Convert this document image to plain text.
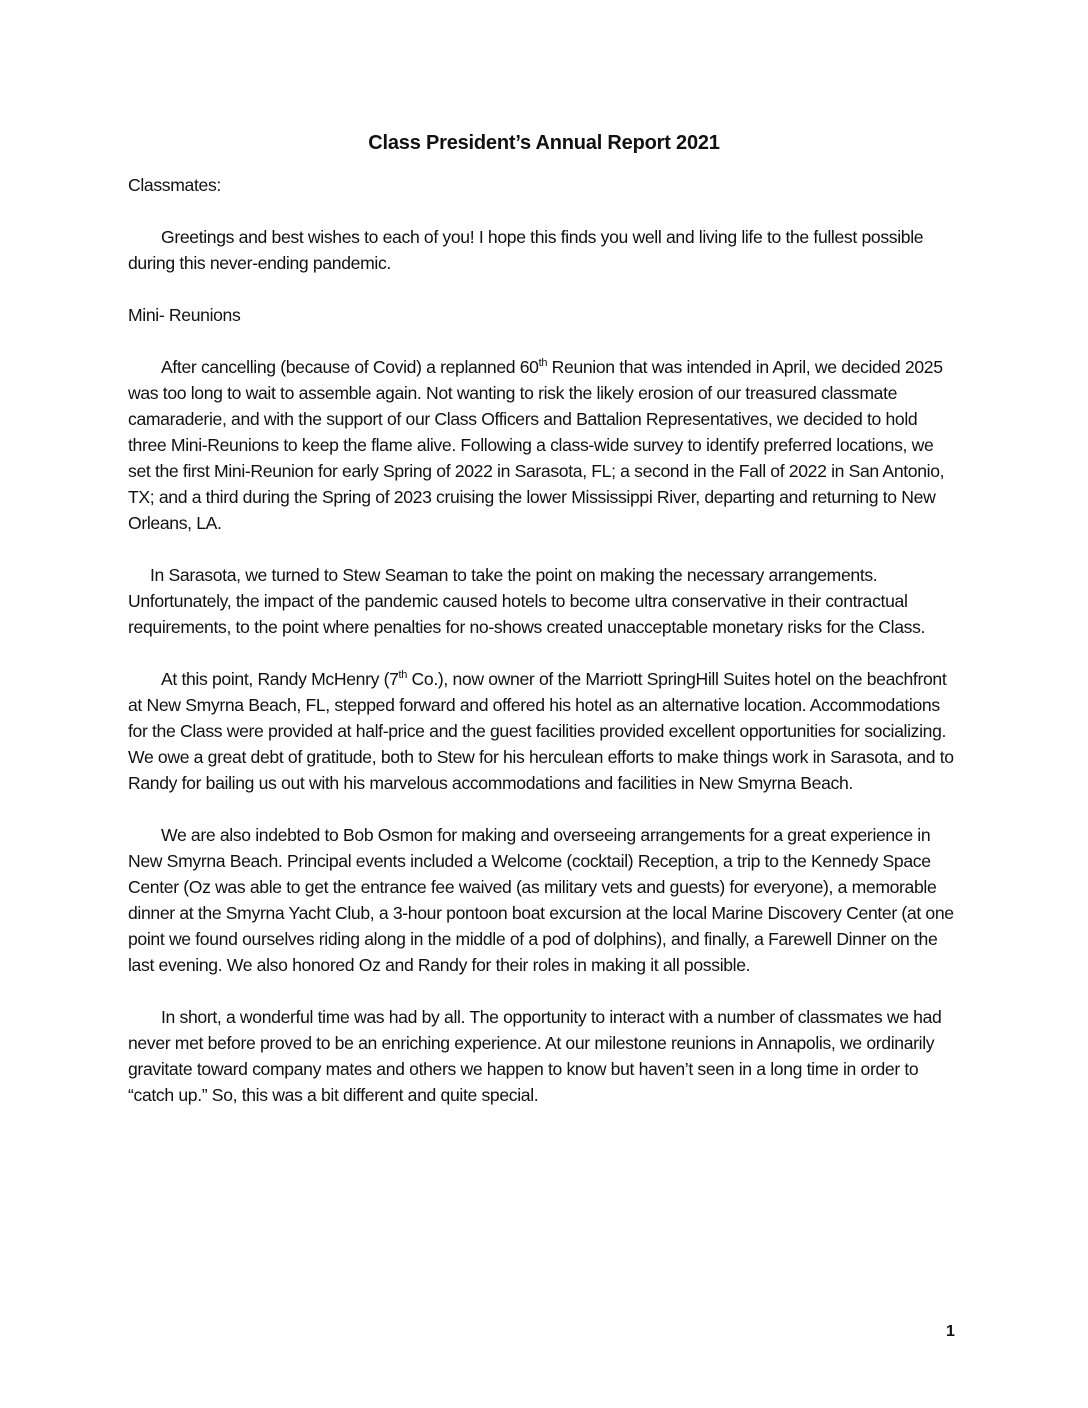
Class President’s Annual Report 2021

Classmates:

Greetings and best wishes to each of you! I hope this finds you well and living life to the fullest possible during this never-ending pandemic.

Mini- Reunions

After cancelling (because of Covid) a replanned 60th Reunion that was intended in April, we decided 2025 was too long to wait to assemble again. Not wanting to risk the likely erosion of our treasured classmate camaraderie, and with the support of our Class Officers and Battalion Representatives, we decided to hold three Mini-Reunions to keep the flame alive. Following a class-wide survey to identify preferred locations, we set the first Mini-Reunion for early Spring of 2022 in Sarasota, FL; a second in the Fall of 2022 in San Antonio, TX; and a third during the Spring of 2023 cruising the lower Mississippi River, departing and returning to New Orleans, LA.

In Sarasota, we turned to Stew Seaman to take the point on making the necessary arrangements. Unfortunately, the impact of the pandemic caused hotels to become ultra conservative in their contractual requirements, to the point where penalties for no-shows created unacceptable monetary risks for the Class.

At this point, Randy McHenry (7th Co.), now owner of the Marriott SpringHill Suites hotel on the beachfront at New Smyrna Beach, FL, stepped forward and offered his hotel as an alternative location. Accommodations for the Class were provided at half-price and the guest facilities provided excellent opportunities for socializing. We owe a great debt of gratitude, both to Stew for his herculean efforts to make things work in Sarasota, and to Randy for bailing us out with his marvelous accommodations and facilities in New Smyrna Beach.

We are also indebted to Bob Osmon for making and overseeing arrangements for a great experience in New Smyrna Beach. Principal events included a Welcome (cocktail) Reception, a trip to the Kennedy Space Center (Oz was able to get the entrance fee waived (as military vets and guests) for everyone), a memorable dinner at the Smyrna Yacht Club, a 3-hour pontoon boat excursion at the local Marine Discovery Center (at one point we found ourselves riding along in the middle of a pod of dolphins), and finally, a Farewell Dinner on the last evening. We also honored Oz and Randy for their roles in making it all possible.

In short, a wonderful time was had by all. The opportunity to interact with a number of classmates we had never met before proved to be an enriching experience. At our milestone reunions in Annapolis, we ordinarily gravitate toward company mates and others we happen to know but haven’t seen in a long time in order to “catch up.” So, this was a bit different and quite special.

1
